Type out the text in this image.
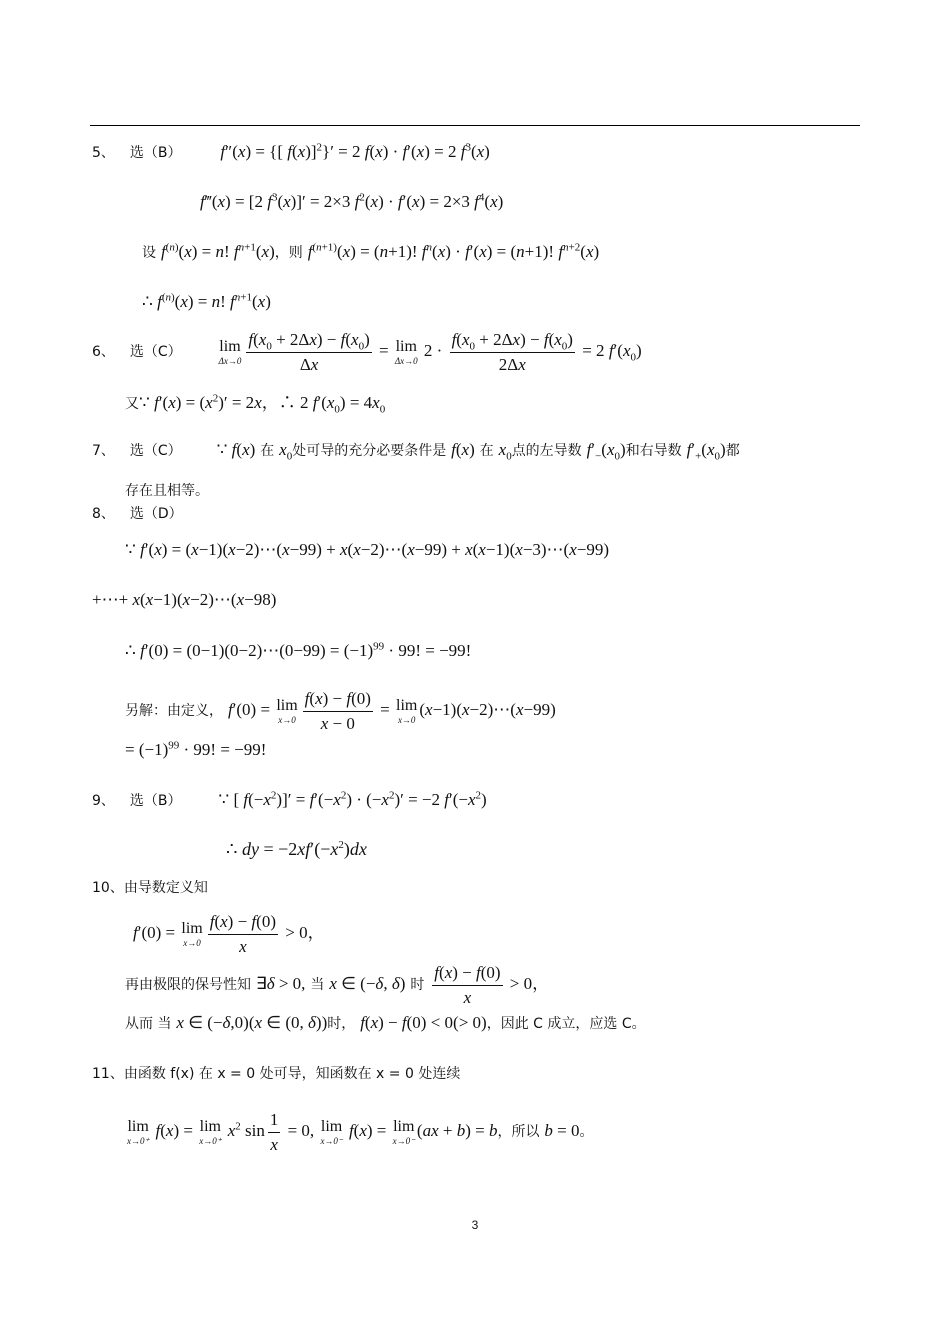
5、 选（B） f″(x) = {[ f(x)]$^2$}′ = 2 f(x) · f′(x) = 2 $f^3(x)$
f‴(x) = [2 $f^3(x)]' = 2\times 3$ $f^2(x) \cdot f'(x) = 2\times 3$ $f^4(x)$
设 $f^{(n)}(x) = n$! $f^{n+1}(x)$，则 $f^{(n+1)}(x) = (n+1)$! $f^n(x) \cdot f'(x) = (n+1)$! $f^{n+2}(x)$
∴ $f^{(n)}(x) = n$! $f^{n+1}(x)$
6、 选（C） lim
$\Delta x\to 0 \frac{f(x_0 + 2\Delta x) - f(x_0)}{\Delta x} = \lim$
Δx→0
$2 \cdot \frac{f(x_0 + 2\Delta x) - f(x_0)}{2\Delta x} = 2$ $f'(x_0)$
又∵ $f'(x) = (x^2)' = 2x$，∴ 2 $f'(x_0) = 4x_0$
7、 选（C） ∵ f(x) 在 $x_0$处可导的充分必要条件是 f(x) 在 $x_0$点的左导数 $f'_-(x_0)$和右导数 $f'_+(x_0)$都
存在且相等。
8、 选（D）
∵ f′(x) = (x−1)(x−2)⋯(x−99) + x(x−2)⋯(x−99) + x(x−1)(x−3)⋯(x−99)
+⋯+ x(x−1)(x−2)⋯(x−98)
∴ f′(0) = (0−1)(0−2)⋯(0−99) = $(-1)^{99} \cdot 99$! = −99!
另解：由定义， f′(0) = lim
$x\to 0 \frac{f(x) - f(0)}{x - 0} = \lim$
x→0
(x−1)(x−2)⋯(x−99)
= $(-1)^{99} \cdot 99$! = −99!
9、 选（B） ∵ [ $f(-x^2)]' = f'(-x^2) \cdot (-x^2)' = -2$ $f'(-x^2)$
∴ dy = $-2xf'(-x^2)dx$
10、由导数定义知
f′(0) = lim
$x\to 0 \frac{f(x) - f(0)}{x} > 0$，
再由极限的保号性知 ∃δ > 0, 当 x ∈ (−δ, δ) 时 $\frac{f(x) - f(0)}{x} > 0$，
从而 当 x ∈ (−δ,0)(x ∈ (0, δ))时， f(x) − f(0) < 0(> 0)，因此 C 成立，应选 C。
11、由函数 f(x) 在 x = 0 处可导，知函数在 x = 0 处连续
lim
x→0⁺
f(x) = lim
x→0⁺
$x^2$ $\sin \frac{1}{x} = 0$, lim
x→0⁻
f(x) = lim
x→0⁻
(ax + b) = b，所以 b = 0。
3
